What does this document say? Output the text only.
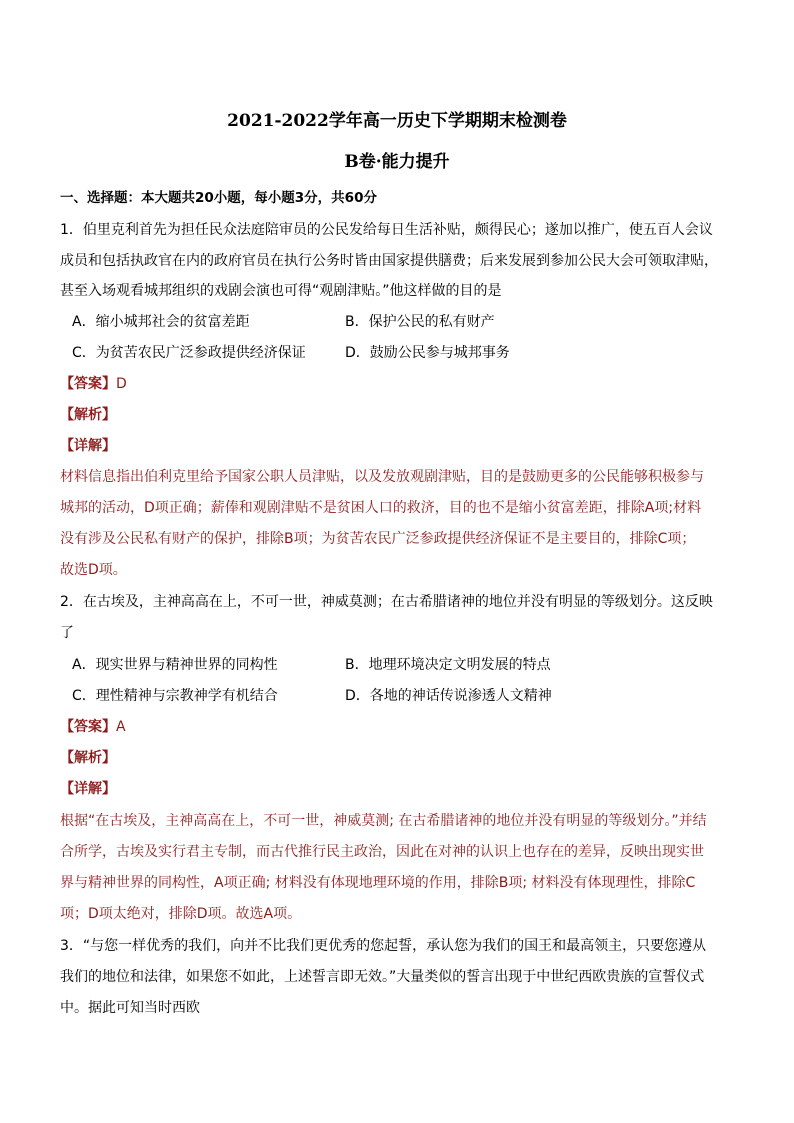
2021-2022学年高一历史下学期期末检测卷
B卷·能力提升
一、选择题：本大题共20小题，每小题3分，共60分
1．伯里克利首先为担任民众法庭陪审员的公民发给每日生活补贴，颇得民心；遂加以推广，使五百人会议
成员和包括执政官在内的政府官员在执行公务时皆由国家提供膳费；后来发展到参加公民大会可领取津贴，
甚至入场观看城邦组织的戏剧会演也可得“观剧津贴。”他这样做的目的是
A．缩小城邦社会的贫富差距	B．保护公民的私有财产
C．为贫苦农民广泛参政提供经济保证	D．鼓励公民参与城邦事务
【答案】D
【解析】
【详解】
材料信息指出伯利克里给予国家公职人员津贴，以及发放观剧津贴，目的是鼓励更多的公民能够积极参与
城邦的活动，D项正确；薪俸和观剧津贴不是贫困人口的救济，目的也不是缩小贫富差距，排除A项;材料
没有涉及公民私有财产的保护，排除B项；为贫苦农民广泛参政提供经济保证不是主要目的，排除C项；
故选D项。
2．在古埃及，主神高高在上，不可一世，神威莫测；在古希腊诸神的地位并没有明显的等级划分。这反映
了
A．现实世界与精神世界的同构性	B．地理环境决定文明发展的特点
C．理性精神与宗教神学有机结合	D．各地的神话传说渗透人文精神
【答案】A
【解析】
【详解】
根据“在古埃及，主神高高在上，不可一世，神威莫测; 在古希腊诸神的地位并没有明显的等级划分。”并结
合所学，古埃及实行君主专制，而古代推行民主政治，因此在对神的认识上也存在的差异，反映出现实世
界与精神世界的同构性，A项正确; 材料没有体现地理环境的作用，排除B项; 材料没有体现理性，排除C
项；D项太绝对，排除D项。故选A项。
3．“与您一样优秀的我们，向并不比我们更优秀的您起誓，承认您为我们的国王和最高领主，只要您遵从
我们的地位和法律，如果您不如此，上述誓言即无效。”大量类似的誓言出现于中世纪西欧贵族的宣誓仪式
中。据此可知当时西欧
